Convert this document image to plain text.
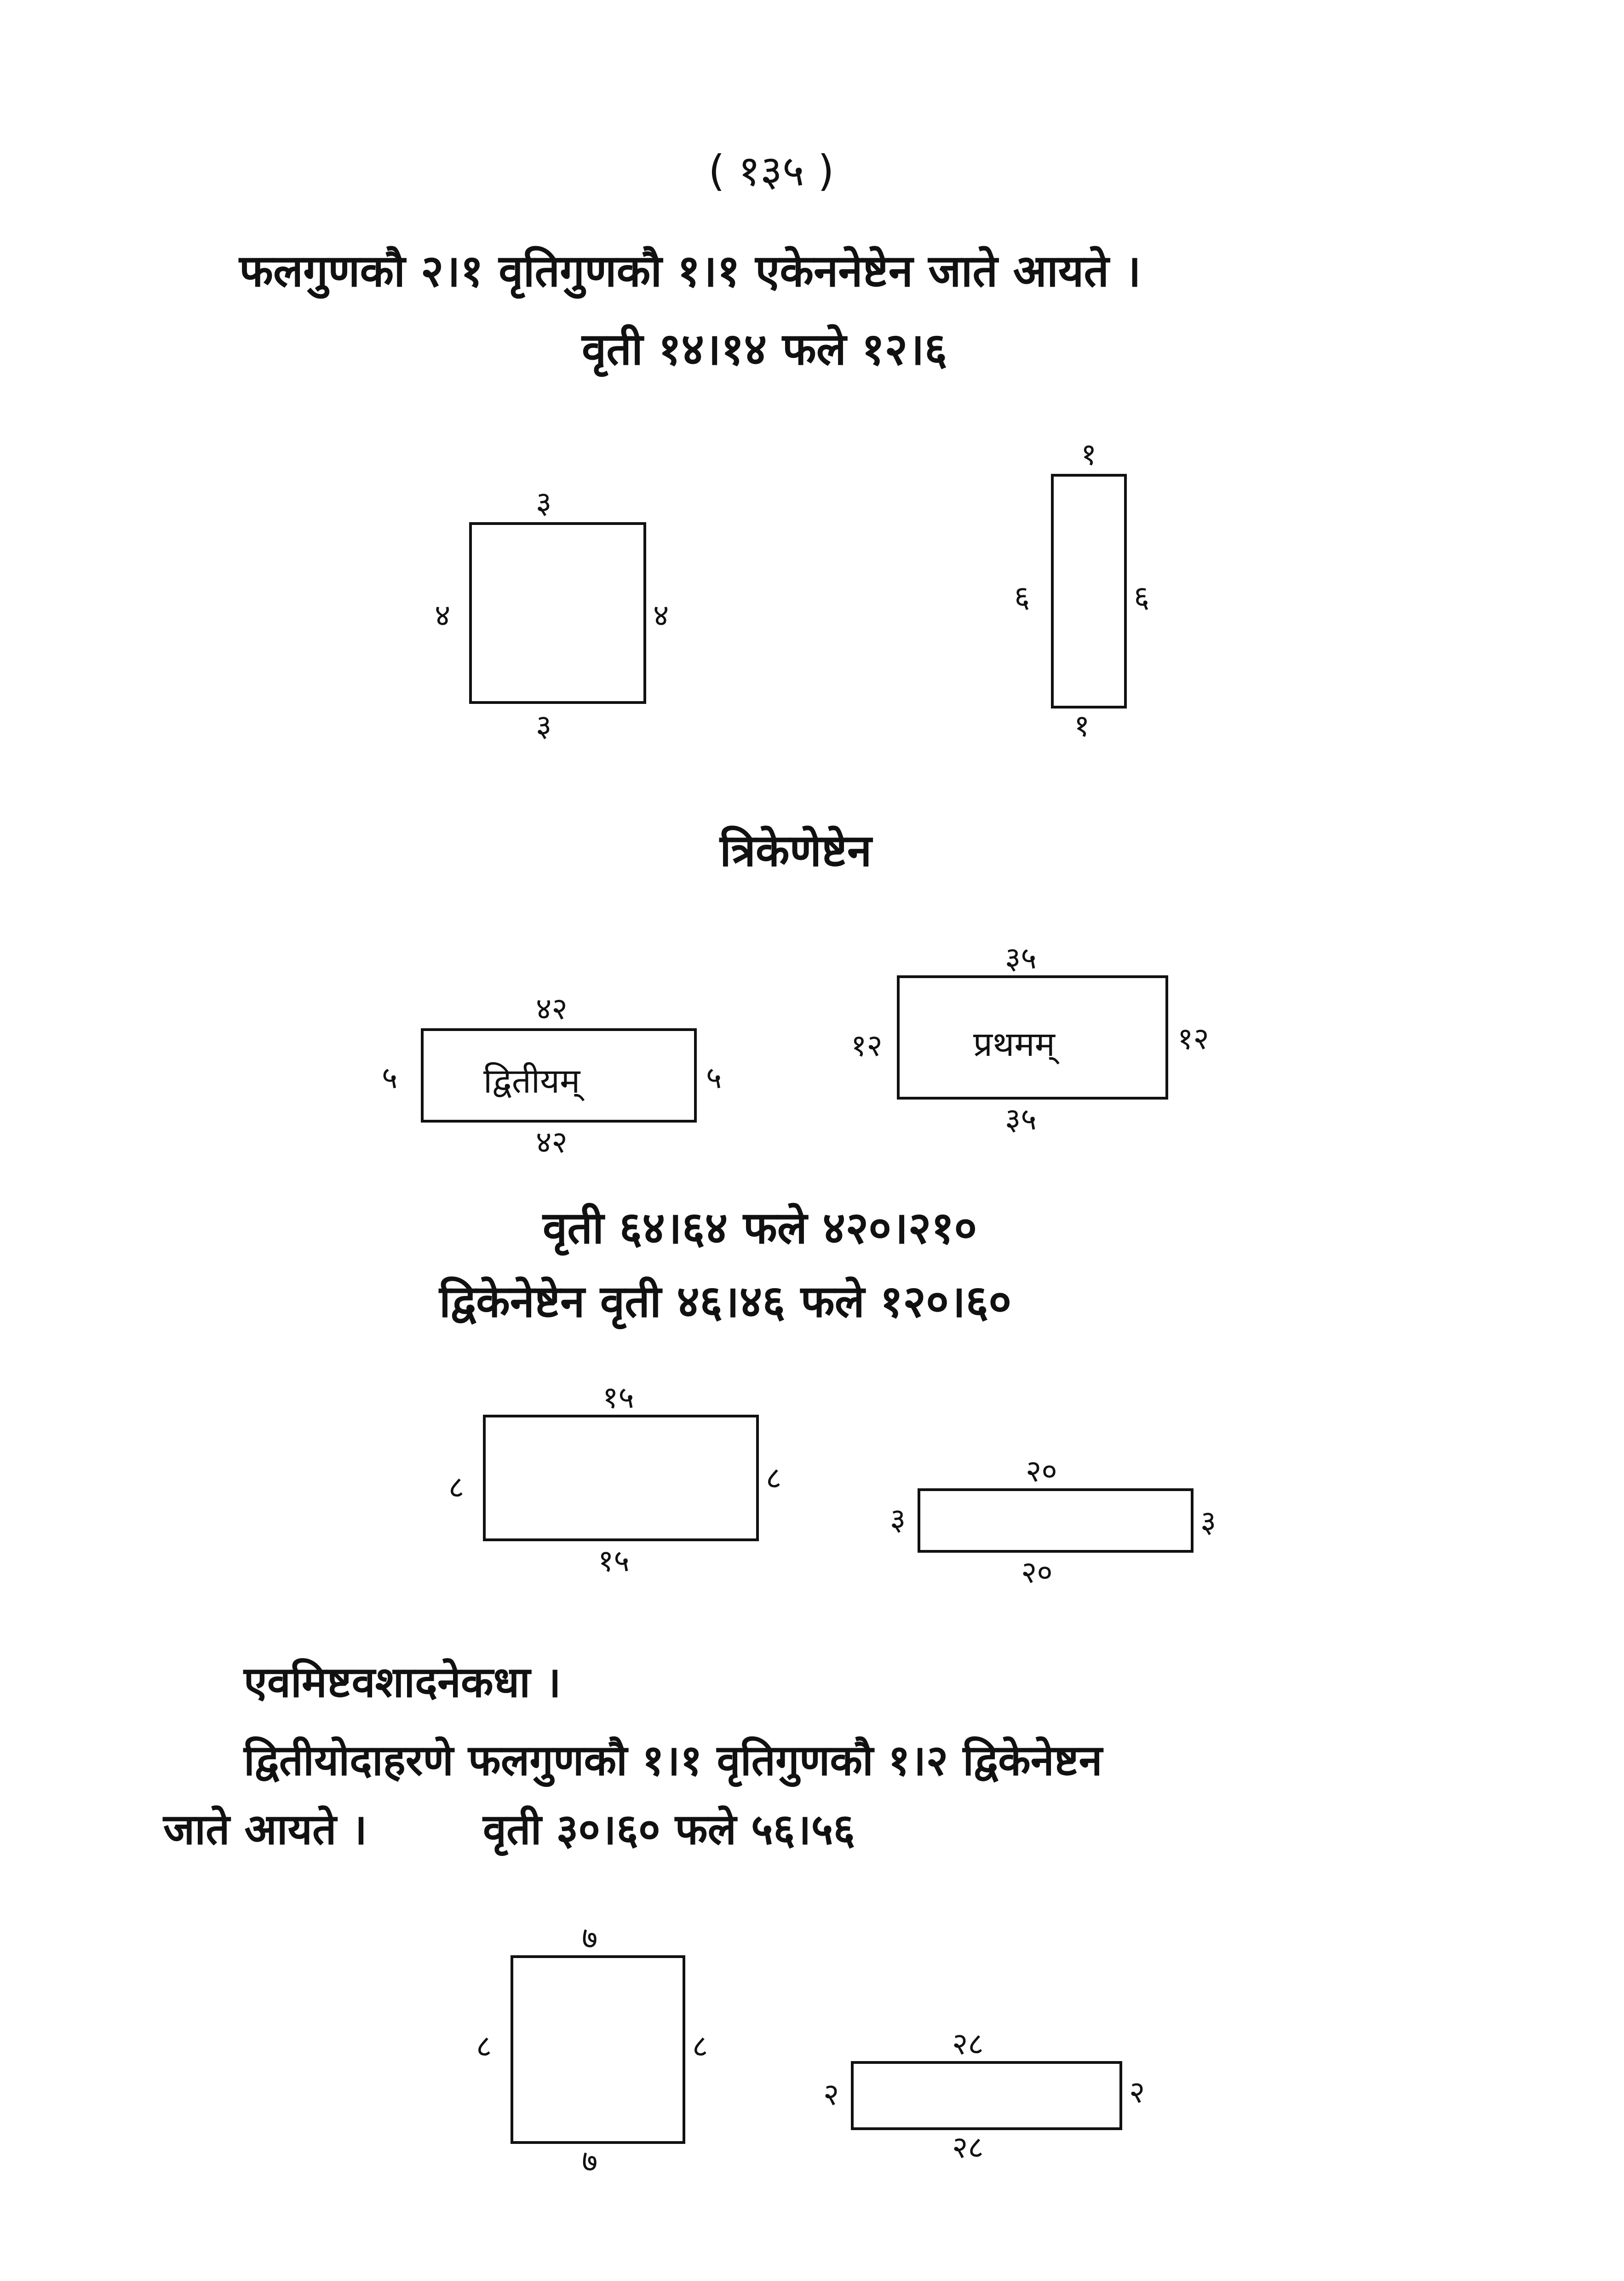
( १३५ )
फलगुणकौ २।१ वृतिगुणकौ १।१ एकेननेष्टेन जाते आयते ।
वृती १४।१४ फले १२।६
३
३
४	४
१
१
६	६
त्रिकेणेष्टेन
द्वितीयम्
४२
४२
५	५
प्रथमम्
३५
३५
१२	१२
वृती ६४।६४ फले ४२०।२१०
द्विकेनेष्टेन वृती ४६।४६ फले १२०।६०
१५
१५
८	८	२०
२०
३	३
एवमिष्टवशादनेकधा ।
द्वितीयोदाहरणे फलगुणकौ १।१ वृतिगुणकौ १।२ द्विकेनेष्टन
जाते आयते ।	वृती ३०।६० फले ५६।५६
७
७
८	८	२८
२८
२	२
